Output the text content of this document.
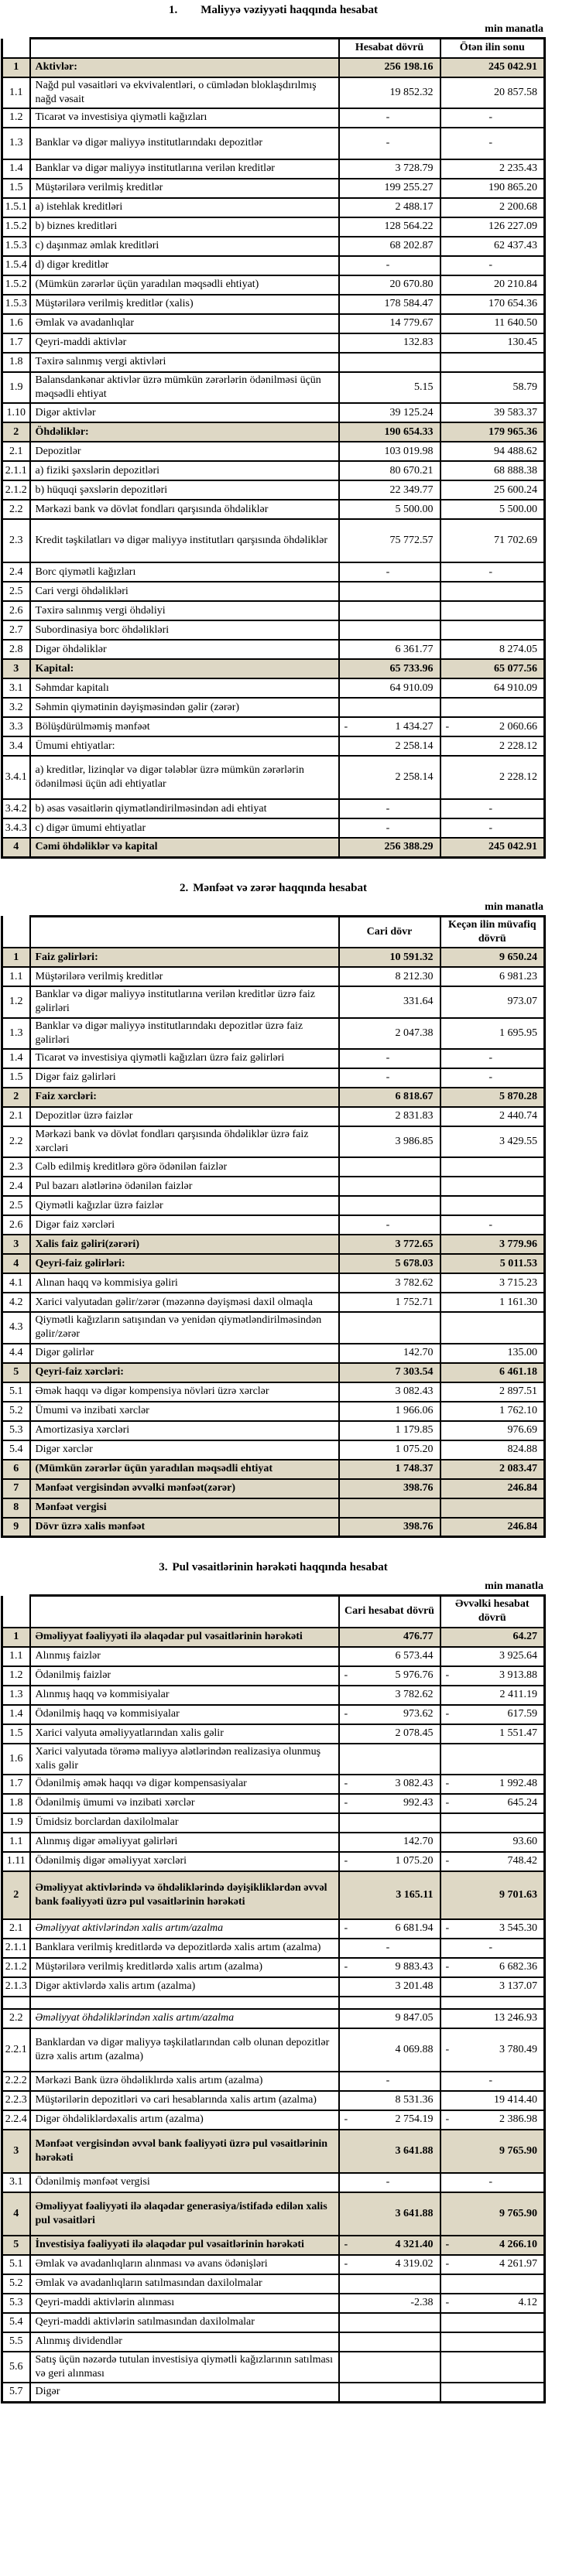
1. Maliyyə vəziyyəti haqqında hesabat
min manatla
		Hesabat dövrü	Ötən ilin sonu
1	Aktivlər:	256 198.16	245 042.91
1.1	Nağd pul vəsaitləri və ekvivalentləri, o cümlədən bloklaşdırılmış nağd vəsait	19 852.32	20 857.58
1.2	Ticarət və investisiya qiymətli kağızları	-	-
1.3	Banklar və digər maliyyə institutlarındakı depozitlər	-	-
1.4	Banklar və digər maliyyə institutlarına verilən kreditlər	3 728.79	2 235.43
1.5	Müştərilərə verilmiş kreditlər	199 255.27	190 865.20
1.5.1	a) istehlak kreditləri	2 488.17	2 200.68
1.5.2	b) biznes kreditləri	128 564.22	126 227.09
1.5.3	c) daşınmaz əmlak kreditləri	68 202.87	62 437.43
1.5.4	d) digər kreditlər	-	-
1.5.2	(Mümkün zərərlər üçün yaradılan məqsədli ehtiyat)	20 670.80	20 210.84
1.5.3	Müştərilərə verilmiş kreditlər (xalis)	178 584.47	170 654.36
1.6	Əmlak və avadanlıqlar	14 779.67	11 640.50
1.7	Qeyri-maddi aktivlər	132.83	130.45
1.8	Təxirə salınmış vergi aktivləri		
1.9	Balansdankənar aktivlər üzrə mümkün zərərlərin ödənilməsi üçün məqsədli ehtiyat	5.15	58.79
1.10	Digər aktivlər	39 125.24	39 583.37
2	Öhdəliklər:	190 654.33	179 965.36
2.1	Depozitlər	103 019.98	94 488.62
2.1.1	a) fiziki şəxslərin depozitləri	80 670.21	68 888.38
2.1.2	b) hüquqi şəxslərin depozitləri	22 349.77	25 600.24
2.2	Mərkəzi bank və dövlət fondları qarşısında öhdəliklər	5 500.00	5 500.00
2.3	Kredit təşkilatları və digər maliyyə institutları qarşısında öhdəliklər	75 772.57	71 702.69
2.4	Borc qiymətli kağızları	-	-
2.5	Cari vergi öhdəlikləri		
2.6	Təxirə salınmış vergi öhdəliyi		
2.7	Subordinasiya borc öhdəlikləri		
2.8	Digər öhdəliklər	6 361.77	8 274.05
3	Kapital:	65 733.96	65 077.56
3.1	Səhmdar kapitalı	64 910.09	64 910.09
3.2	Səhmin qiymətinin dəyişməsindən gəlir (zərər)		
3.3	Bölüşdürülməmiş mənfəət	- 1 434.27	- 2 060.66
3.4	Ümumi ehtiyatlar:	2 258.14	2 228.12
3.4.1	a) kreditlər, lizinqlər və digər tələblər üzrə mümkün zərərlərin ödənilməsi üçün adi ehtiyatlar	2 258.14	2 228.12
3.4.2	b) əsas vəsaitlərin qiymətləndirilməsindən adi ehtiyat	-	-
3.4.3	c) digər ümumi ehtiyatlar	-	-
4	Cəmi öhdəliklər və kapital	256 388.29	245 042.91
2. Mənfəət və zərər haqqında hesabat
min manatla
		Cari dövr	Keçən ilin müvafiq dövrü
1	Faiz gəlirləri:	10 591.32	9 650.24
1.1	Müştərilərə verilmiş kreditlər	8 212.30	6 981.23
1.2	Banklar və digər maliyyə institutlarına verilən kreditlər üzrə faiz gəlirləri	331.64	973.07
1.3	Banklar və digər maliyyə institutlarındakı depozitlər üzrə faiz gəlirləri	2 047.38	1 695.95
1.4	Ticarət və investisiya qiymətli kağızları üzrə faiz gəlirləri	-	-
1.5	Digər faiz gəlirləri	-	-
2	Faiz xərcləri:	6 818.67	5 870.28
2.1	Depozitlər üzrə faizlər	2 831.83	2 440.74
2.2	Mərkəzi bank və dövlət fondları qarşısında öhdəliklər üzrə faiz xərcləri	3 986.85	3 429.55
2.3	Cəlb edilmiş kreditlərə görə ödənilən faizlər		
2.4	Pul bazarı alətlərinə ödənilən faizlər		
2.5	Qiymətli kağızlar üzrə faizlər		
2.6	Digər faiz xərcləri	-	-
3	Xalis faiz gəliri(zərəri)	3 772.65	3 779.96
4	Qeyri-faiz gəlirləri:	5 678.03	5 011.53
4.1	Alınan haqq və kommisiya gəliri	3 782.62	3 715.23
4.2	Xarici valyutadan gəlir/zərər (məzənnə dəyişməsi daxil olmaqla	1 752.71	1 161.30
4.3	Qiymətli kağızların satışından və yenidən qiymətləndirilməsindən gəlir/zərər		
4.4	Digər gəlirlər	142.70	135.00
5	Qeyri-faiz xərcləri:	7 303.54	6 461.18
5.1	Əmək haqqı və digər kompensiya növləri üzrə xərclər	3 082.43	2 897.51
5.2	Ümumi və inzibati xərclər	1 966.06	1 762.10
5.3	Amortizasiya xərcləri	1 179.85	976.69
5.4	Digər xərclər	1 075.20	824.88
6	(Mümkün zərərlər üçün yaradılan məqsədli ehtiyat	1 748.37	2 083.47
7	Mənfəət vergisindən əvvəlki mənfəət(zərər)	398.76	246.84
8	Mənfəət vergisi		
9	Dövr üzrə xalis mənfəət	398.76	246.84
3. Pul vəsaitlərinin hərəkəti haqqında hesabat
min manatla
		Cari hesabat dövrü	Əvvəlki hesabat dövrü
1	Əməliyyat fəaliyyəti ilə əlaqədar pul vəsaitlərinin hərəkəti	476.77	64.27
1.1	Alınmış faizlər	6 573.44	3 925.64
1.2	Ödənilmiş faizlər	- 5 976.76	- 3 913.88
1.3	Alınmış haqq və kommisiyalar	3 782.62	2 411.19
1.4	Ödənilmiş haqq və kommisiyalar	- 973.62	- 617.59
1.5	Xarici valyuta əməliyyatlarından xalis gəlir	2 078.45	1 551.47
1.6	Xarici valyutada törəmə maliyyə alətlərindən realizasiya olunmuş xalis gəlir		
1.7	Ödənilmiş əmək haqqı və digər kompensasiyalar	- 3 082.43	- 1 992.48
1.8	Ödənilmiş ümumi və inzibati xərclər	- 992.43	- 645.24
1.9	Ümidsiz borclardan daxilolmalar		
1.1	Alınmış digər əməliyyat gəlirləri	142.70	93.60
1.11	Ödənilmiş digər əməliyyat xərcləri	- 1 075.20	- 748.42
2	Əməliyyat aktivlərində və öhdəliklərində dəyişikliklərdən əvvəl bank fəaliyyəti üzrə pul vəsaitlərinin hərəkəti	3 165.11	9 701.63
2.1	Əməliyyat aktivlərindən xalis artım/azalma	- 6 681.94	- 3 545.30
2.1.1	Banklara verilmiş kreditlərdə və depozitlərdə xalis artım (azalma)	-	-
2.1.2	Müştərilərə verilmiş kreditlərdə xalis artım (azalma)	- 9 883.43	- 6 682.36
2.1.3	Digər aktivlərdə xalis artım (azalma)	3 201.48	3 137.07

2.2	Əməliyyat öhdəliklərindən xalis artım/azalma	9 847.05	13 246.93
2.2.1	Banklardan və digər maliyyə təşkilatlarından cəlb olunan depozitlər üzrə xalis artım (azalma)	4 069.88	- 3 780.49
2.2.2	Mərkəzi Bank üzrə öhdəliklırdə xalis artım (azalma)	-	-
2.2.3	Müştərilərin depozitləri və cari hesablarında xalis artım (azalma)	8 531.36	19 414.40
2.2.4	Digər öhdəliklərdəxalis artım (azalma)	- 2 754.19	- 2 386.98
3	Mənfəət vergisindən əvvəl bank fəaliyyəti üzrə pul vəsaitlərinin hərəkəti	3 641.88	9 765.90
3.1	Ödənilmiş mənfəət vergisi	-	-
4	Əməliyyat fəaliyyəti ilə əlaqədar generasiya/istifadə edilən xalis pul vəsaitləri	3 641.88	9 765.90
5	İnvestisiya fəaliyyəti ilə əlaqədar pul vəsaitlərinin hərəkəti	- 4 321.40	- 4 266.10
5.1	Əmlak və avadanlıqların alınması və avans ödənişləri	- 4 319.02	- 4 261.97
5.2	Əmlak və avadanlıqların satılmasından daxilolmalar		
5.3	Qeyri-maddi aktivlərin alınması	-2.38	- 4.12
5.4	Qeyri-maddi aktivlərin satılmasından daxilolmalar		
5.5	Alınmış dividendlər		
5.6	Satış üçün nəzərdə tutulan investisiya qiymətli kağızlarının satılması və geri alınması		
5.7	Digər		
